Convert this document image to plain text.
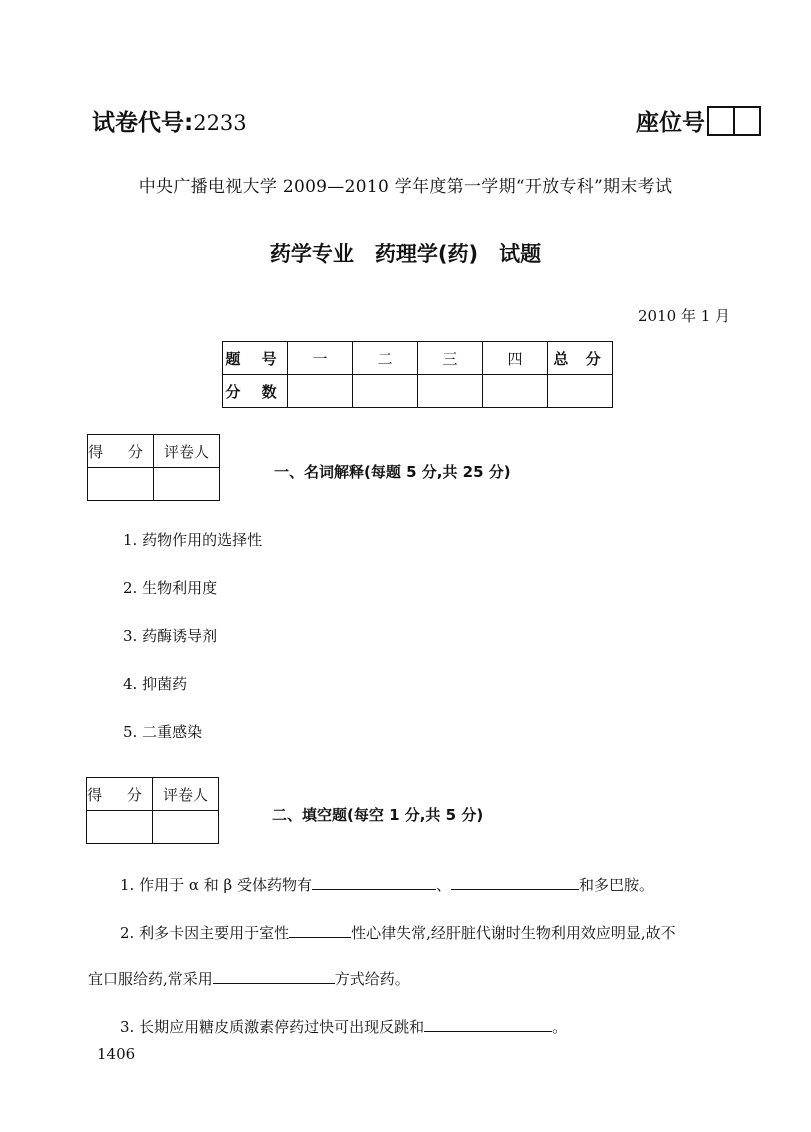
试卷代号:2233	座位号
中央广播电视大学 2009—2010 学年度第一学期“开放专科”期末考试
药学专业　药理学(药)　试题
2010 年 1 月
题 号	一	二	三	四	总 分
分 数					
得 分	评卷人

一、名词解释(每题 5 分,共 25 分)
1. 药物作用的选择性
2. 生物利用度
3. 药酶诱导剂
4. 抑菌药
5. 二重感染
得 分	评卷人

二、填空题(每空 1 分,共 5 分)
1. 作用于 α 和 β 受体药物有	、	和多巴胺。
2. 利多卡因主要用于室性	性心律失常,经肝脏代谢时生物利用效应明显,故不
宜口服给药,常采用	方式给药。
3. 长期应用糖皮质激素停药过快可出现反跳和	。
1406
